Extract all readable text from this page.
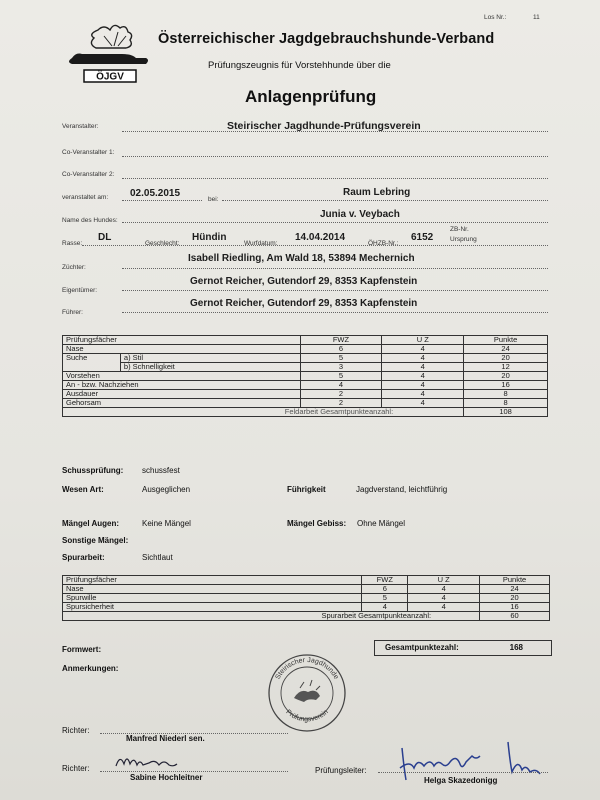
Los Nr.:	11
ÖJGV
Österreichischer Jagdgebrauchshunde-Verband
Prüfungszeugnis für Vorstehhunde über die
Anlagenprüfung
Veranstalter:	Steirischer Jagdhunde-Prüfungsverein
Co-Veranstalter 1:
Co-Veranstalter 2:
veranstaltet am: 02.05.2015
bei:
Raum Lebring
Name des Hundes:
Junia v. Veybach
Rasse:
DL
Geschlecht:
Hündin
Wurfdatum:
14.04.2014
ÖHZB-Nr.:
6152
ZB-Nr.
Ursprung
Züchter:
Isabell Riedling, Am Wald 18, 53894 Mechernich
Eigentümer:
Gernot Reicher, Gutendorf 29, 8353 Kapfenstein
Führer:
Gernot Reicher, Gutendorf 29, 8353 Kapfenstein
Prüfungsfächer		FWZ	U Z	Punkte
Nase		6	4	24
Suche	a) Stil	5	4	20
	b) Schnelligkeit	3	4	12
Vorstehen		5	4	20
An - bzw. Nachziehen		4	4	16
Ausdauer		2	4	8
Gehorsam		2	4	8
Feldarbeit Gesamtpunkteanzahl:				108
Schussprüfung: schussfest
Wesen Art:	Ausgeglichen	Führigkeit	Jagdverstand, leichtführig
Mängel Augen:	Keine Mängel	Mängel Gebiss: Ohne Mängel
Sonstige Mängel:
Spurarbeit:	Sichtlaut
Prüfungsfächer	FWZ	U Z	Punkte
Nase	6	4	24
Spurwille	5	4	20
Spursicherheit	4	4	16
Spurarbeit Gesamtpunkteanzahl:			60
Formwert:	Gesamtpunktezahl:	168
Anmerkungen:
Steirischer Jagdhunde
Prüfungsverein
Richter:
Manfred Niederl sen.
Richter:
Sabine Hochleitner
Prüfungsleiter:
Helga Skazedonigg
